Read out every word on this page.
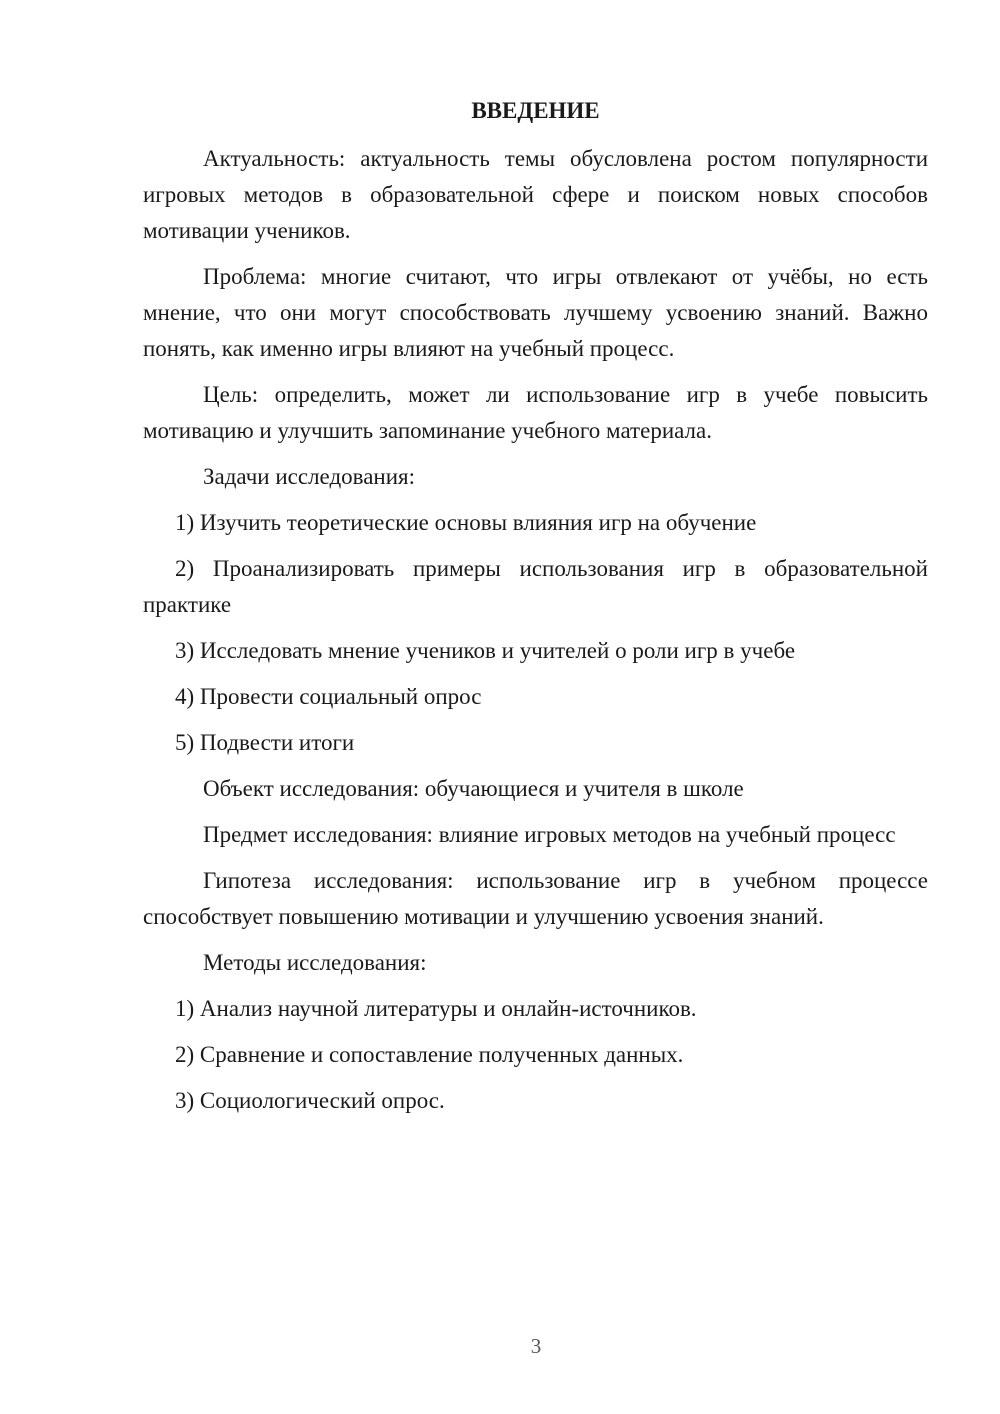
ВВЕДЕНИЕ

Актуальность: актуальность темы обусловлена ростом популярности игровых методов в образовательной сфере и поиском новых способов мотивации учеников.

Проблема: многие считают, что игры отвлекают от учёбы, но есть мнение, что они могут способствовать лучшему усвоению знаний. Важно понять, как именно игры влияют на учебный процесс.

Цель: определить, может ли использование игр в учебе повысить мотивацию и улучшить запоминание учебного материала.

Задачи исследования:

1) Изучить теоретические основы влияния игр на обучение

2) Проанализировать примеры использования игр в образовательной практике

3) Исследовать мнение учеников и учителей о роли игр в учебе

4) Провести социальный опрос

5) Подвести итоги

Объект исследования: обучающиеся и учителя в школе

Предмет исследования: влияние игровых методов на учебный процесс

Гипотеза исследования: использование игр в учебном процессе способствует повышению мотивации и улучшению усвоения знаний.

Методы исследования:

1) Анализ научной литературы и онлайн-источников.

2) Сравнение и сопоставление полученных данных.

3) Социологический опрос.

3
